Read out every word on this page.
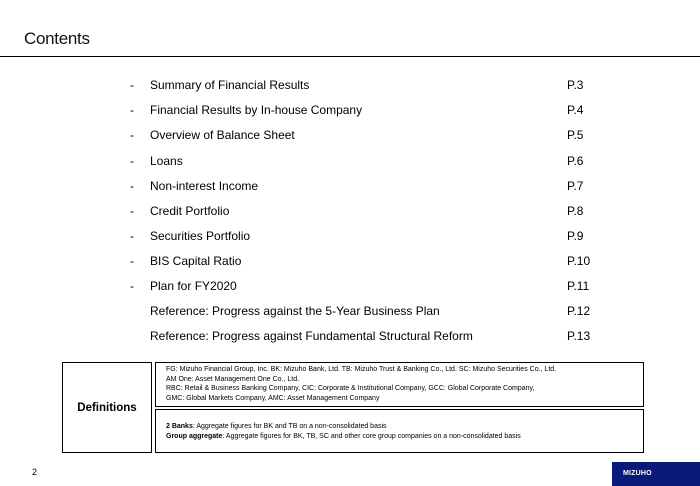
Contents
- Summary of Financial Results	P.3
- Financial Results by In-house Company	P.4
- Overview of Balance Sheet	P.5
- Loans	P.6
- Non-interest Income	P.7
- Credit Portfolio	P.8
- Securities Portfolio	P.9
- BIS Capital Ratio	P.10
- Plan for FY2020	P.11
Reference: Progress against the 5-Year Business Plan	P.12
Reference: Progress against Fundamental Structural Reform	P.13
Definitions
FG: Mizuho Financial Group, Inc. BK: Mizuho Bank, Ltd. TB: Mizuho Trust & Banking Co., Ltd. SC: Mizuho Securities Co., Ltd.
AM One: Asset Management One Co., Ltd.
RBC: Retail & Business Banking Company, CIC: Corporate & Institutional Company, GCC: Global Corporate Company,
GMC: Global Markets Company, AMC: Asset Management Company
2 Banks: Aggregate figures for BK and TB on a non-consolidated basis
Group aggregate: Aggregate figures for BK, TB, SC and other core group companies on a non-consolidated basis
2	MIZUHO
